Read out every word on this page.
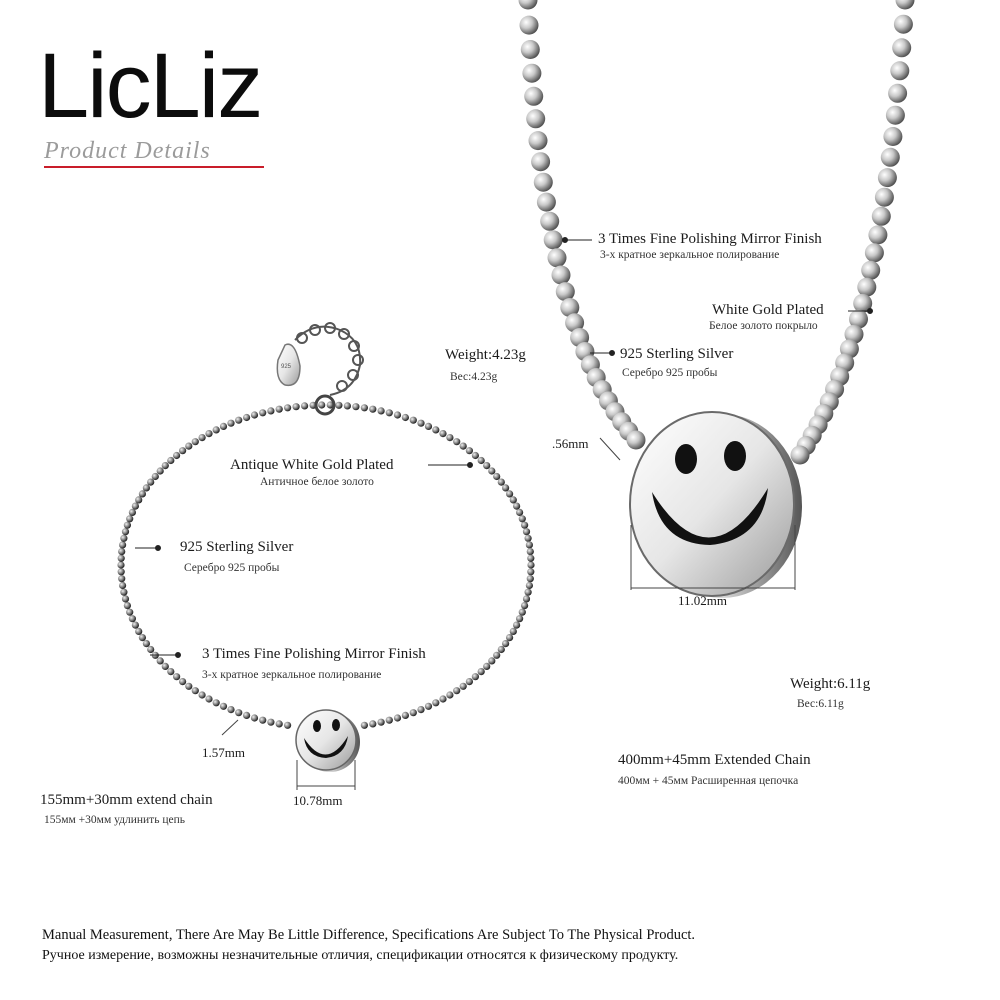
925
LicLiz
Product Details
3 Times Fine Polishing Mirror Finish
3-х кратное зеркальное полирование
White Gold Plated
Белое золото покрыло
925 Sterling Silver
Серебро 925 пробы
Weight:4.23g
Вес:4.23g
.56mm
11.02mm
Weight:6.11g
Вес:6.11g
400mm+45mm Extended Chain
400мм + 45мм Расширенная цепочка
Antique White Gold Plated
Античное белое золото
925 Sterling Silver
Серебро 925 пробы
3 Times Fine Polishing Mirror Finish
3-х кратное зеркальное полирование
1.57mm
10.78mm
155mm+30mm extend chain
155мм +30мм удлинить цепь
Manual Measurement, There Are May Be Little Difference, Specifications Are Subject To The Physical Product.
Ручное измерение, возможны незначительные отличия, спецификации относятся к физическому продукту.
